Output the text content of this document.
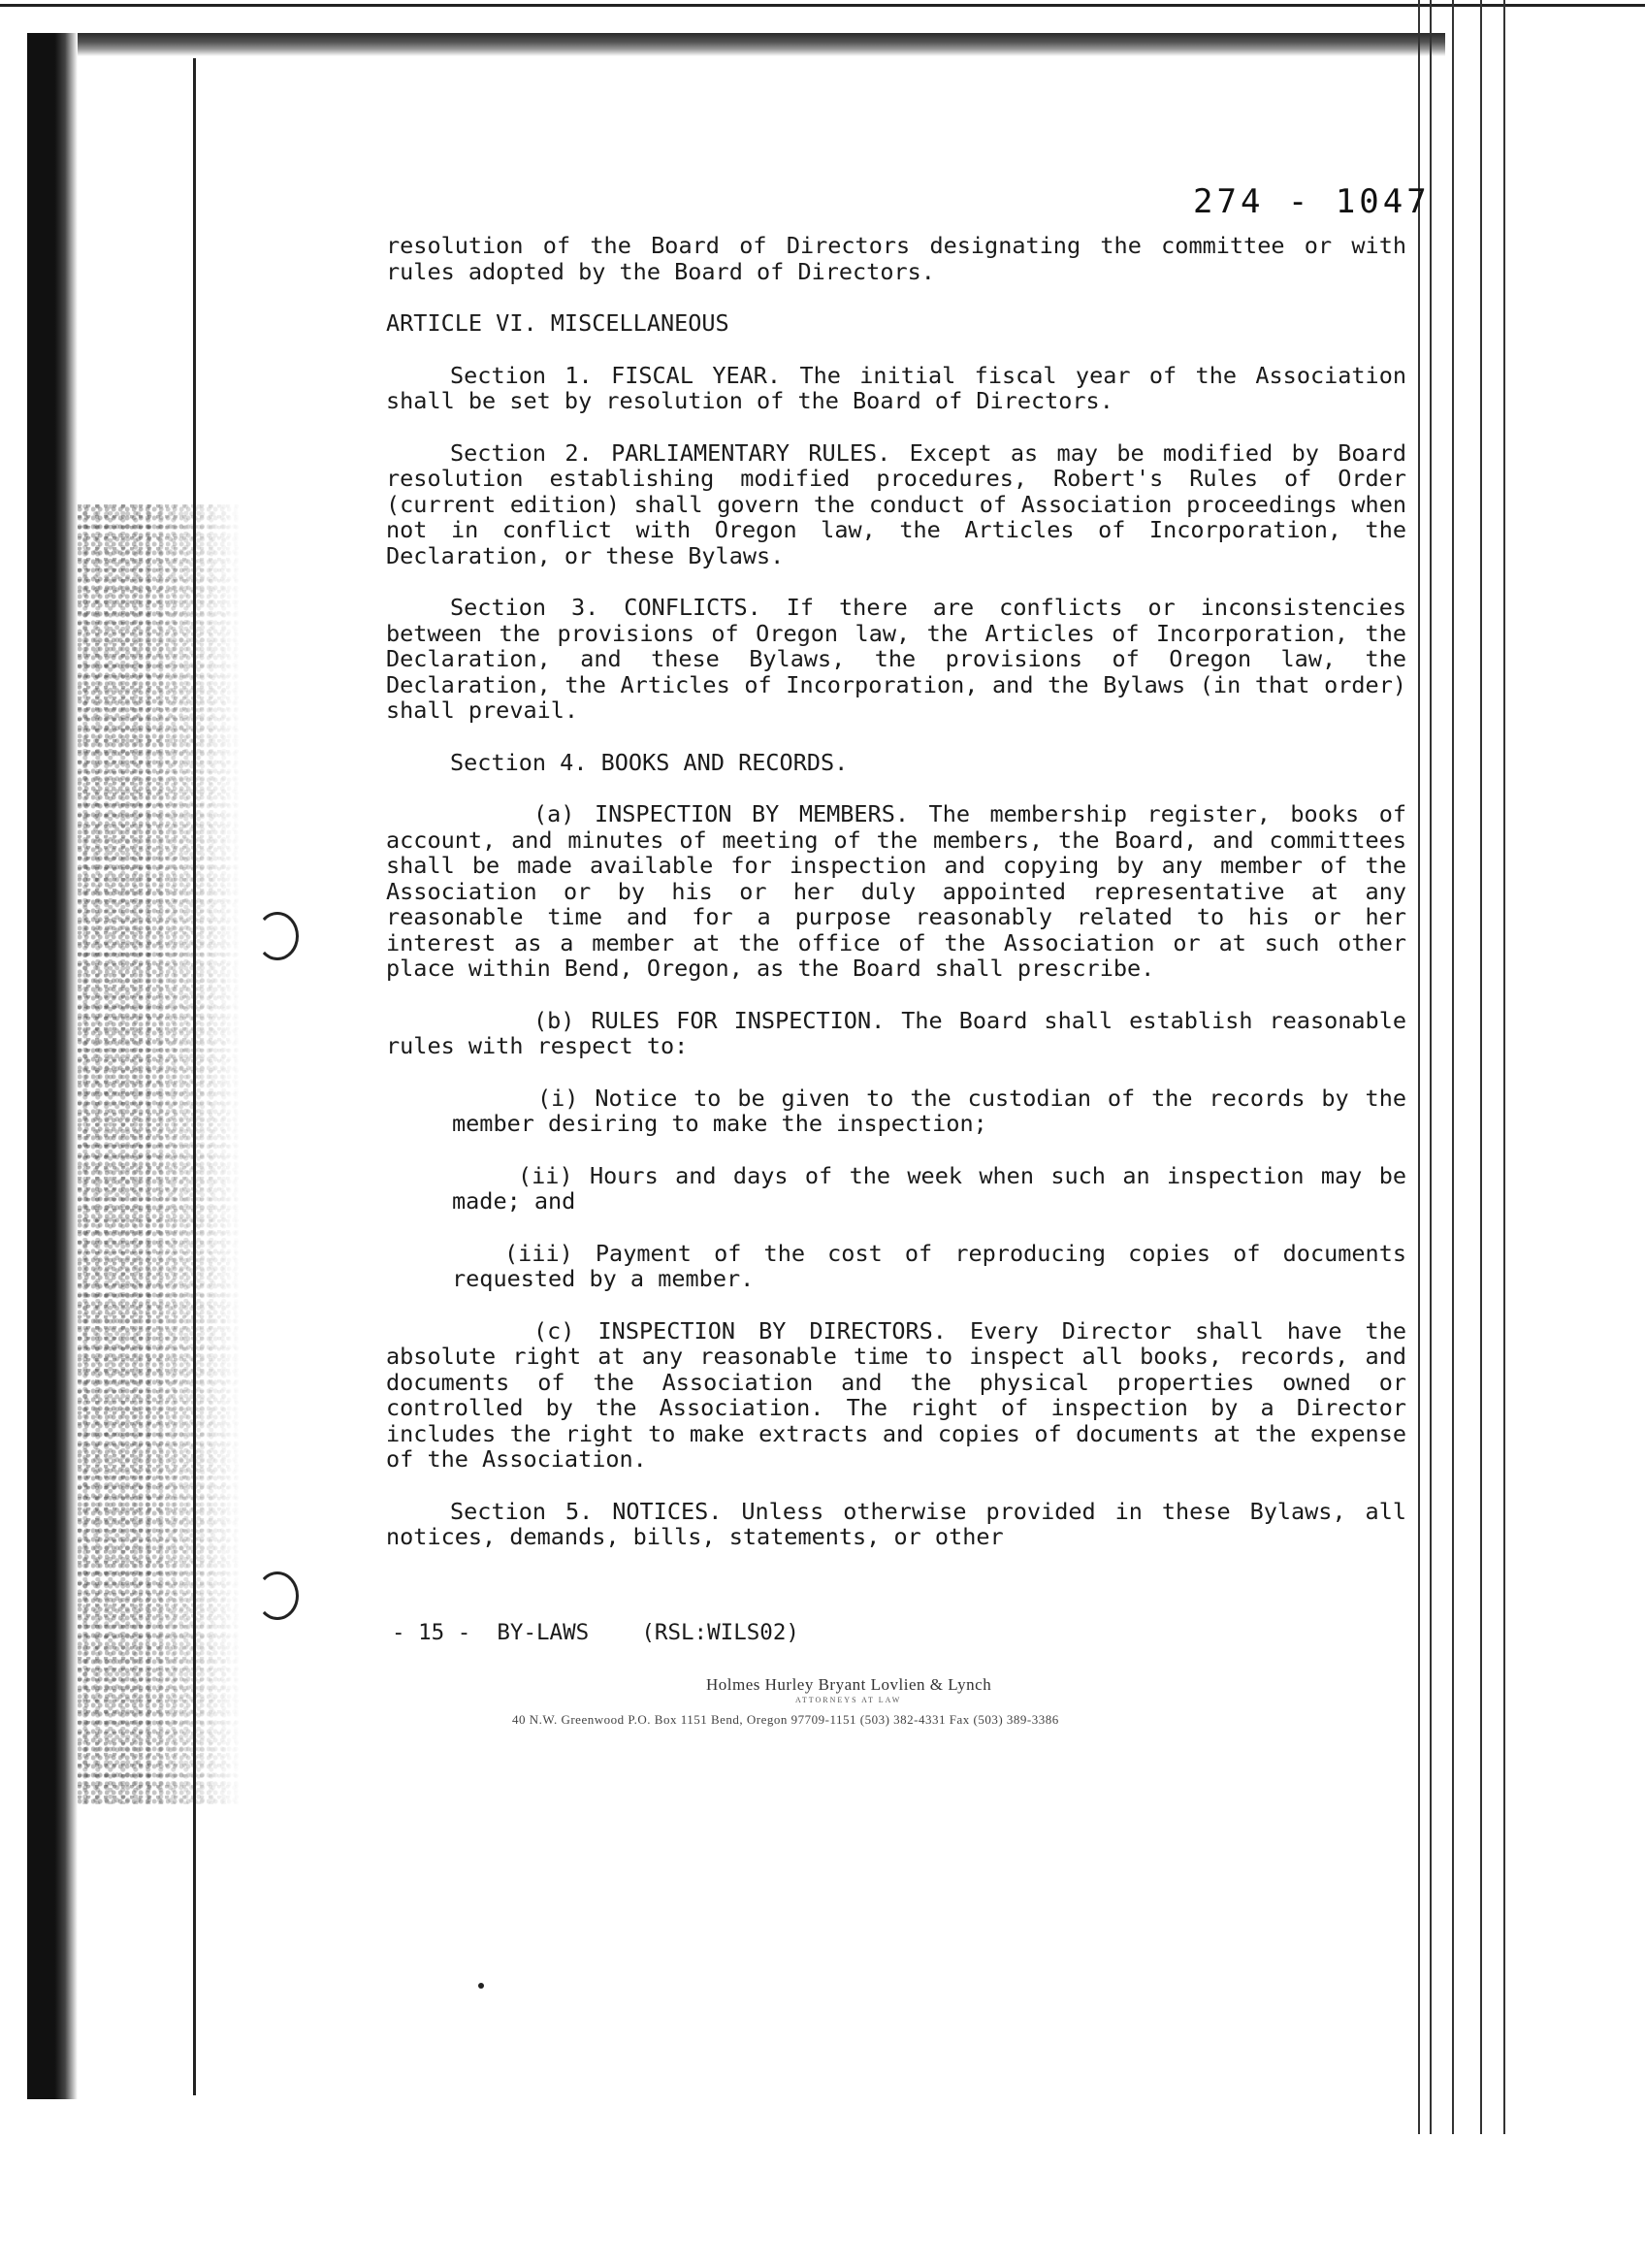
274 - 1047

resolution of the Board of Directors designating the committee or with rules adopted by the Board of Directors.

ARTICLE VI. MISCELLANEOUS

Section 1. FISCAL YEAR. The initial fiscal year of the Association shall be set by resolution of the Board of Directors.

Section 2. PARLIAMENTARY RULES. Except as may be modified by Board resolution establishing modified procedures, Robert's Rules of Order (current edition) shall govern the conduct of Association proceedings when not in conflict with Oregon law, the Articles of Incorporation, the Declaration, or these Bylaws.

Section 3. CONFLICTS. If there are conflicts or inconsistencies between the provisions of Oregon law, the Articles of Incorporation, the Declaration, and these Bylaws, the provisions of Oregon law, the Declaration, the Articles of Incorporation, and the Bylaws (in that order) shall prevail.

Section 4. BOOKS AND RECORDS.

(a) INSPECTION BY MEMBERS. The membership register, books of account, and minutes of meeting of the members, the Board, and committees shall be made available for inspection and copying by any member of the Association or by his or her duly appointed representative at any reasonable time and for a purpose reasonably related to his or her interest as a member at the office of the Association or at such other place within Bend, Oregon, as the Board shall prescribe.

(b) RULES FOR INSPECTION. The Board shall establish reasonable rules with respect to:

(i) Notice to be given to the custodian of the records by the member desiring to make the inspection;

(ii) Hours and days of the week when such an inspection may be made; and

(iii) Payment of the cost of reproducing copies of documents requested by a member.

(c) INSPECTION BY DIRECTORS. Every Director shall have the absolute right at any reasonable time to inspect all books, records, and documents of the Association and the physical properties owned or controlled by the Association. The right of inspection by a Director includes the right to make extracts and copies of documents at the expense of the Association.

Section 5. NOTICES. Unless otherwise provided in these Bylaws, all notices, demands, bills, statements, or other

- 15 -  BY-LAWS    (RSL:WILS02)
Holmes Hurley Bryant Lovlien & Lynch
ATTORNEYS AT LAW
40 N.W. Greenwood P.O. Box 1151 Bend, Oregon 97709-1151 (503) 382-4331 Fax (503) 389-3386
